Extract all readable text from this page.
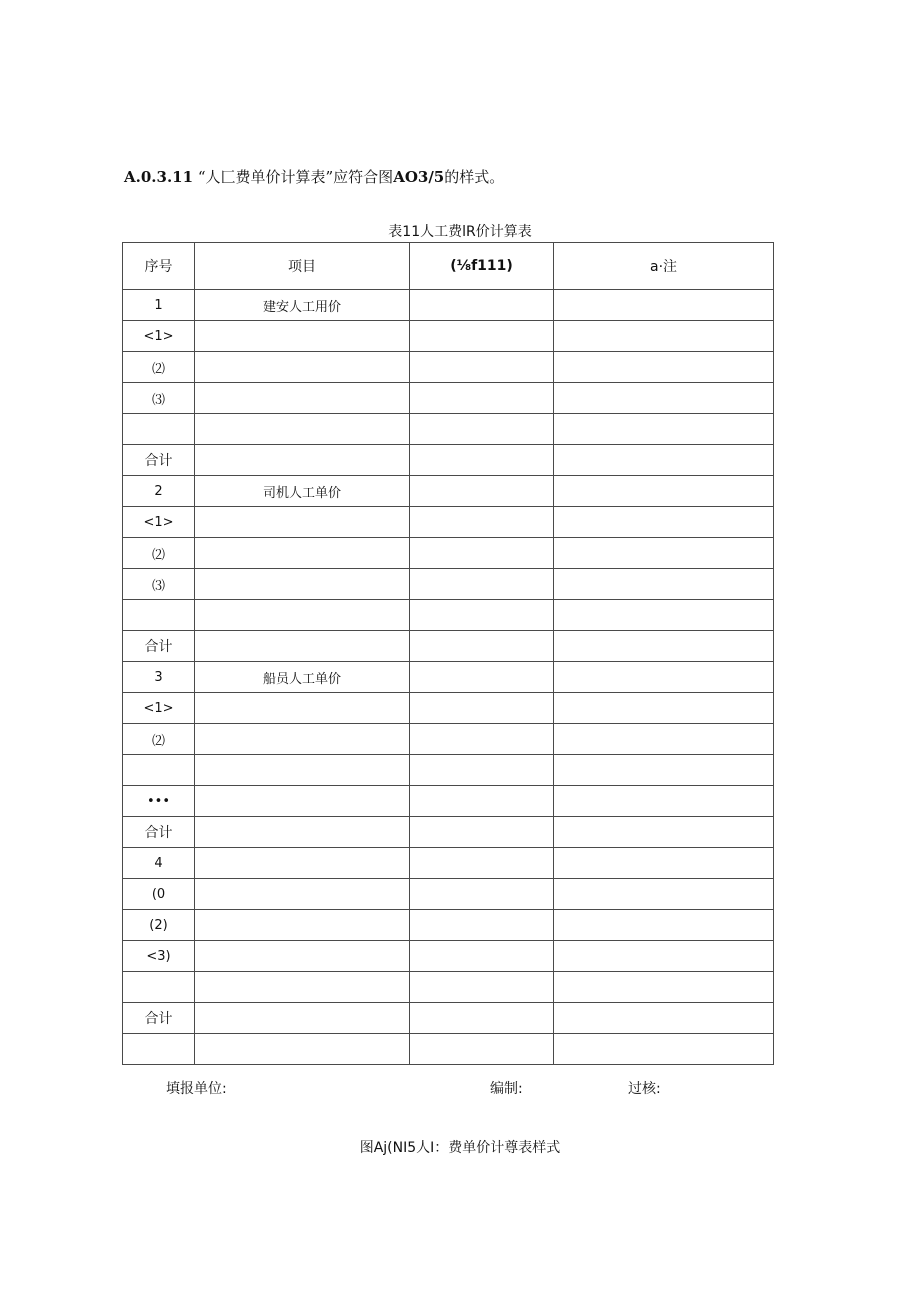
A.0.3.11 “人匚费单价计算表”应符合图AO3/5的样式。
表11人工费lR价计算表
序号	项目	(⅛f111)	a·注
1	建安人工用价		
<1>			
⑵			
⑶			

合计			
2	司机人工单价		
<1>			
⑵			
⑶			

合计			
3	船员人工单价		
<1>			
⑵			

•••			
合计			
4			
(0			
(2)			
<3)			

合计			

填报单位:	编制:	过核:
图Aj(NI5人I：费单价计尊表样式
